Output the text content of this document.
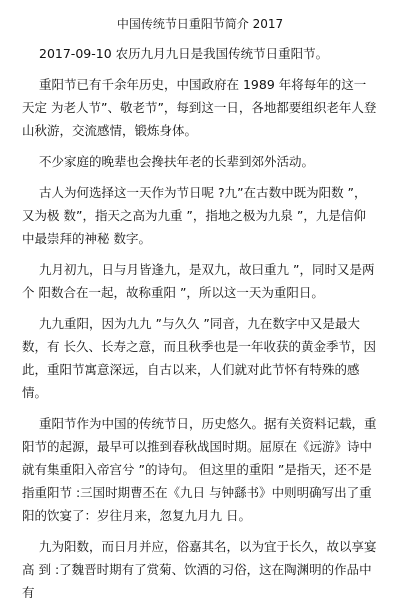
中国传统节日重阳节简介 2017

2017-09-10 农历九月九日是我国传统节日重阳节。

重阳节已有千余年历史，中国政府在 1989 年将每年的这一天定 为老人节”、敬老节”，每到这一日，各地都要组织老年人登山秋游，交流感情，锻炼身体。

不少家庭的晚辈也会搀扶年老的长辈到郊外活动。

古人为何选择这一天作为节日呢 ?九”在古数中既为阳数 ”，又为极 数”，指天之高为九重 ”，指地之极为九泉 ”，九是信仰中最崇拜的神秘 数字。

九月初九，日与月皆逢九，是双九，故曰重九 ”，同时又是两个 阳数合在一起，故称重阳 ”，所以这一天为重阳日。

九九重阳，因为九九 ”与久久 ”同音，九在数字中又是最大数，有 长久、长寿之意，而且秋季也是一年收获的黄金季节，因此，重阳节寓意深远，自古以来，人们就对此节怀有特殊的感情。

重阳节作为中国的传统节日，历史悠久。据有关资料记载，重阳节的起源，最早可以推到春秋战国时期。屈原在《远游》诗中就有集重阳入帝宫兮 ”的诗句。 但这里的重阳 ”是指天，还不是指重阳节 :三国时期曹丕在《九日 与钟繇书》中则明确写出了重阳的饮宴了：岁往月来，忽复九月九 日。

九为阳数，而日月并应，俗嘉其名，以为宜于长久，故以享宴高 到 :了魏晋时期有了赏菊、饮酒的习俗，这在陶渊明的作品中有
